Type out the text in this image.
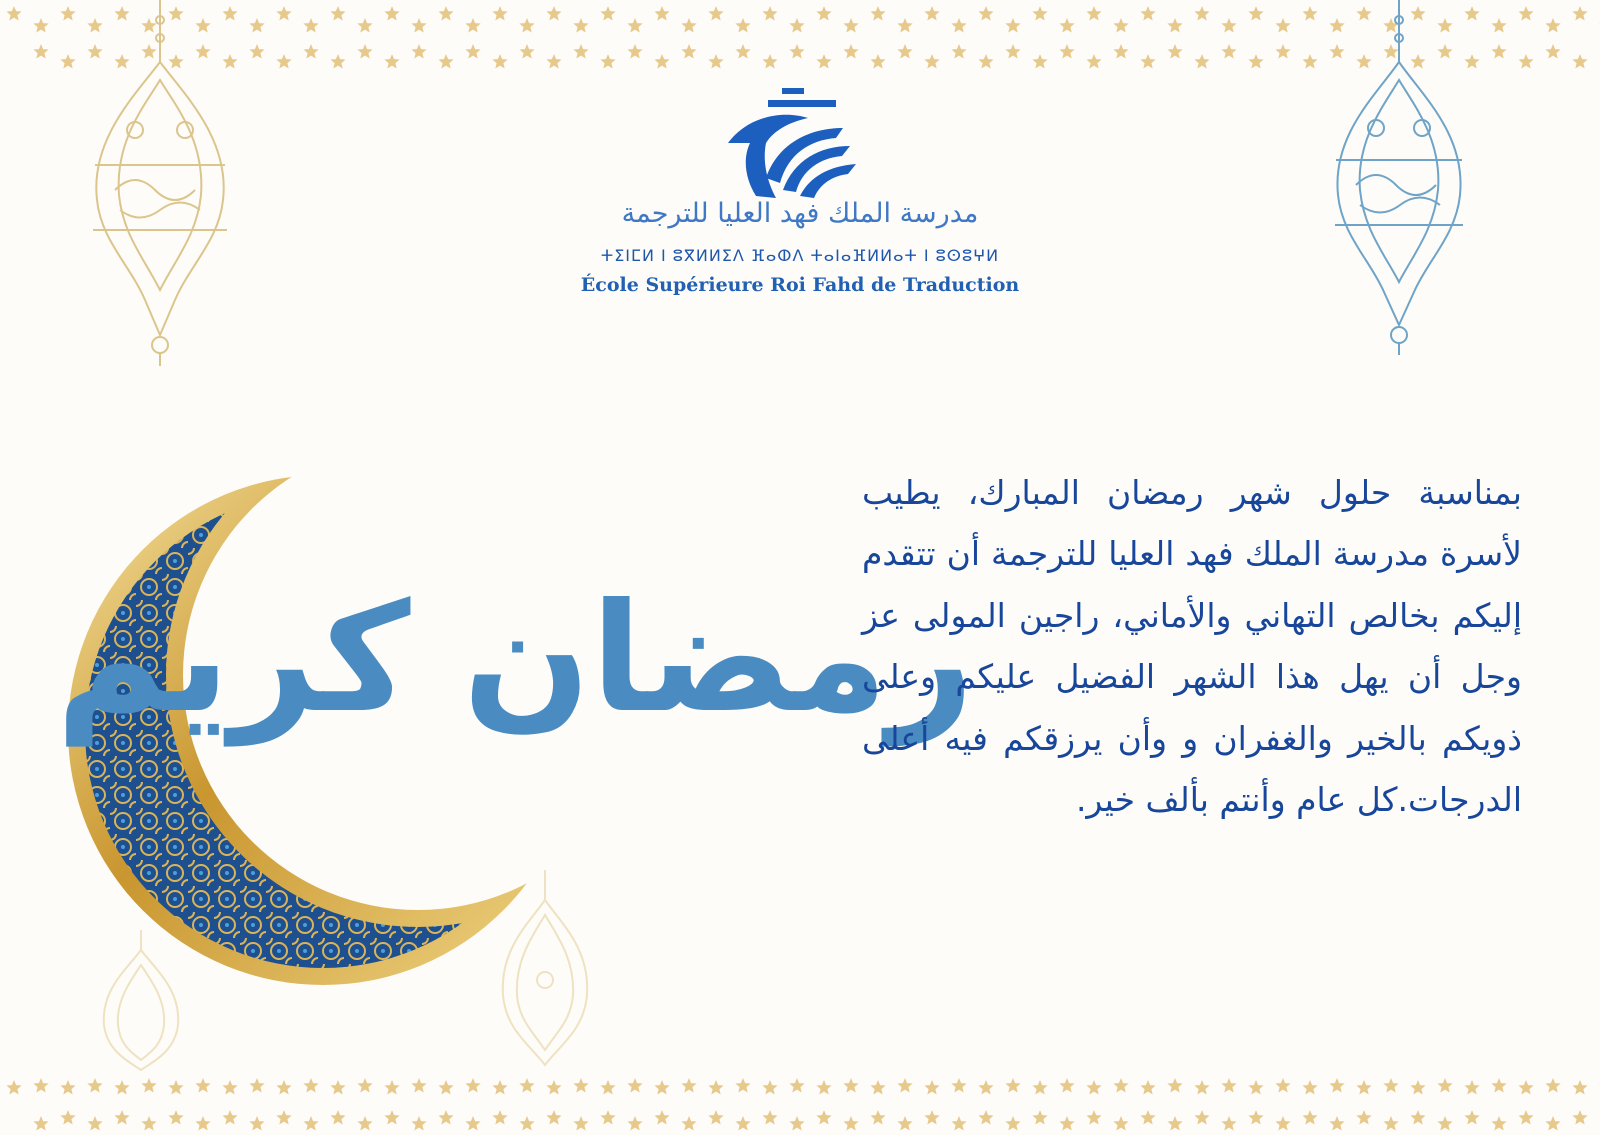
مدرسة الملك فهد العليا للترجمة
ⵜⵉⵏⵎⵍ ⵏ ⵓⴳⵍⵍⵉⴷ ⴼⴰⵀⴷ ⵜⴰⵏⴰⴼⵍⵍⴰⵜ ⵏ ⵓⵙⵓⵖⵍ
École Supérieure Roi Fahd de Traduction
رمضان كريم
بمناسبة حلول شهر رمضان المبارك، يطيب لأسرة مدرسة الملك فهد العليا للترجمة أن تتقدم إليكم بخالص التهاني والأماني، راجين المولى عز وجل أن يهل هذا الشهر الفضيل عليكم وعلى ذويكم بالخير والغفران و وأن يرزقكم فيه أعلى الدرجات.كل عام وأنتم بألف خير.
